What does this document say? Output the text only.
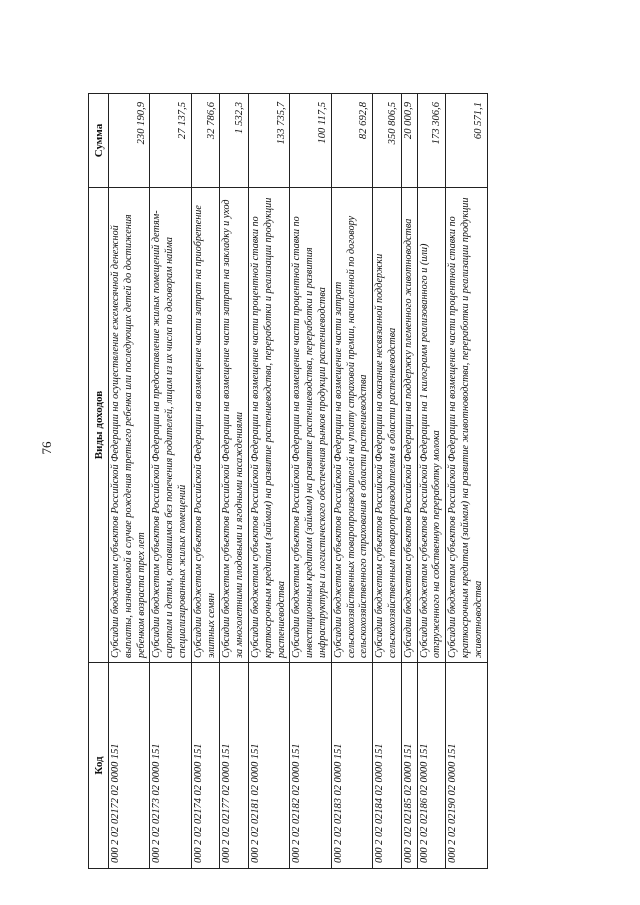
76
Код	Виды доходов	Сумма
000 2 02 02172 02 0000 151	Субсидии бюджетам субъектов Российской Федерации на осуществление ежемесячной денежной выплаты, назначаемой в случае рождения третьего ребенка или последующих детей до достижения ребенком возраста трех лет	230 190,9
000 2 02 02173 02 0000 151	Субсидии бюджетам субъектов Российской Федерации на предоставление жилых помещений детям-сиротам и детям, оставшимся без попечения родителей, лицам из их числа по договорам найма специализированных жилых помещений	27 137,5
000 2 02 02174 02 0000 151	Субсидии бюджетам субъектов Российской Федерации на возмещение части затрат на приобретение элитных семян	32 786,6
000 2 02 02177 02 0000 151	Субсидии бюджетам субъектов Российской Федерации на возмещение части затрат на закладку и уход за многолетними плодовыми и ягодными насаждениями	1 532,3
000 2 02 02181 02 0000 151	Субсидии бюджетам субъектов Российской Федерации на возмещение части процентной ставки по краткосрочным кредитам (займам) на развитие растениеводства, переработки и реализации продукции растениеводства	133 735,7
000 2 02 02182 02 0000 151	Субсидии бюджетам субъектов Российской Федерации на возмещение части процентной ставки по инвестиционным кредитам (займам) на развитие растениеводства, переработки и развития инфраструктуры и логистического обеспечения рынков продукции растениеводства	100 117,5
000 2 02 02183 02 0000 151	Субсидии бюджетам субъектов Российской Федерации на возмещение части затрат сельскохозяйственных товаропроизводителей на уплату страховой премии, начисленной по договору сельскохозяйственного страхования в области растениеводства	82 692,8
000 2 02 02184 02 0000 151	Субсидии бюджетам субъектов Российской Федерации на оказание несвязанной поддержки сельскохозяйственным товаропроизводителям в области растениеводства	350 806,5
000 2 02 02185 02 0000 151	Субсидии бюджетам субъектов Российской Федерации на поддержку племенного животноводства	20 000,9
000 2 02 02186 02 0000 151	Субсидии бюджетам субъектов Российской Федерации на 1 килограмм реализованного и (или) отгруженного на собственную переработку молока	173 306,6
000 2 02 02190 02 0000 151	Субсидии бюджетам субъектов Российской Федерации на возмещение части процентной ставки по краткосрочным кредитам (займам) на развитие животноводства, переработки и реализации продукции животноводства	60 571,1
